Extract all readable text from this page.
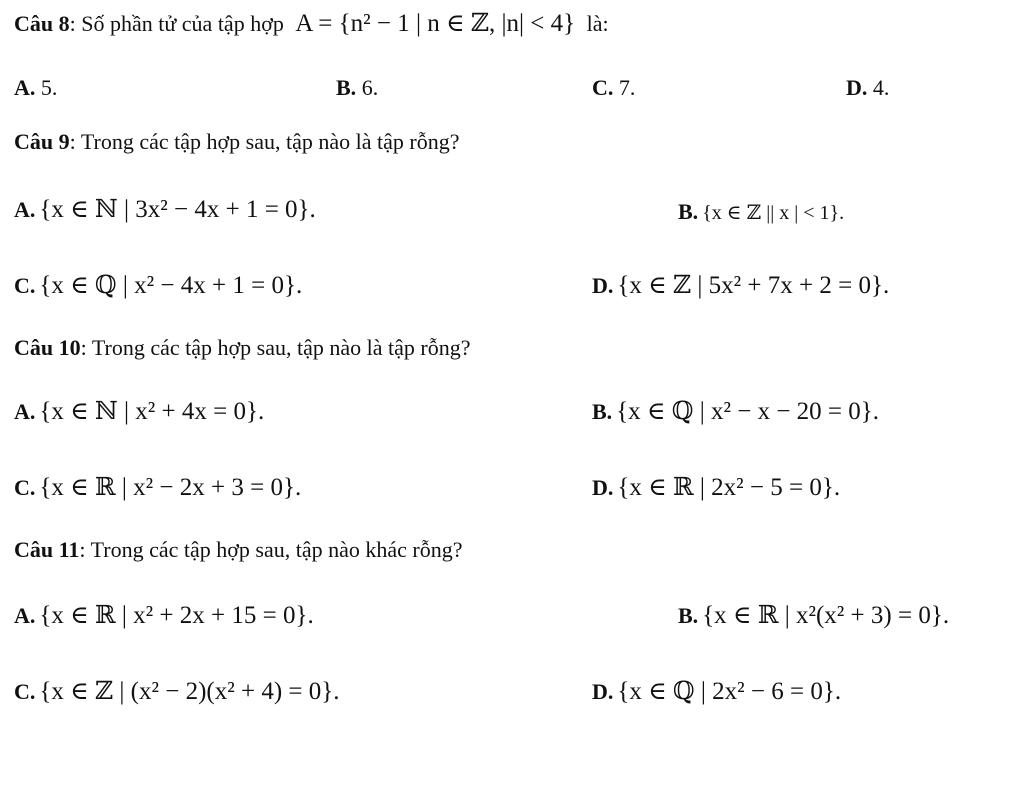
Câu 8: Số phần tử của tập hợp A = {n² − 1 | n ∈ ℤ, |n| < 4} là:
A. 5.	B. 6.	C. 7.	D. 4.
Câu 9: Trong các tập hợp sau, tập nào là tập rỗng?
A. {x ∈ ℕ | 3x² − 4x + 1 = 0}.	B. {x ∈ ℤ || x | < 1}.
C. {x ∈ ℚ | x² − 4x + 1 = 0}.	D. {x ∈ ℤ | 5x² + 7x + 2 = 0}.
Câu 10: Trong các tập hợp sau, tập nào là tập rỗng?
A. {x ∈ ℕ | x² + 4x = 0}.	B. {x ∈ ℚ | x² − x − 20 = 0}.
C. {x ∈ ℝ | x² − 2x + 3 = 0}.	D. {x ∈ ℝ | 2x² − 5 = 0}.
Câu 11: Trong các tập hợp sau, tập nào khác rỗng?
A. {x ∈ ℝ | x² + 2x + 15 = 0}.	B. {x ∈ ℝ | x²(x² + 3) = 0}.
C. {x ∈ ℤ | (x² − 2)(x² + 4) = 0}.	D. {x ∈ ℚ | 2x² − 6 = 0}.
